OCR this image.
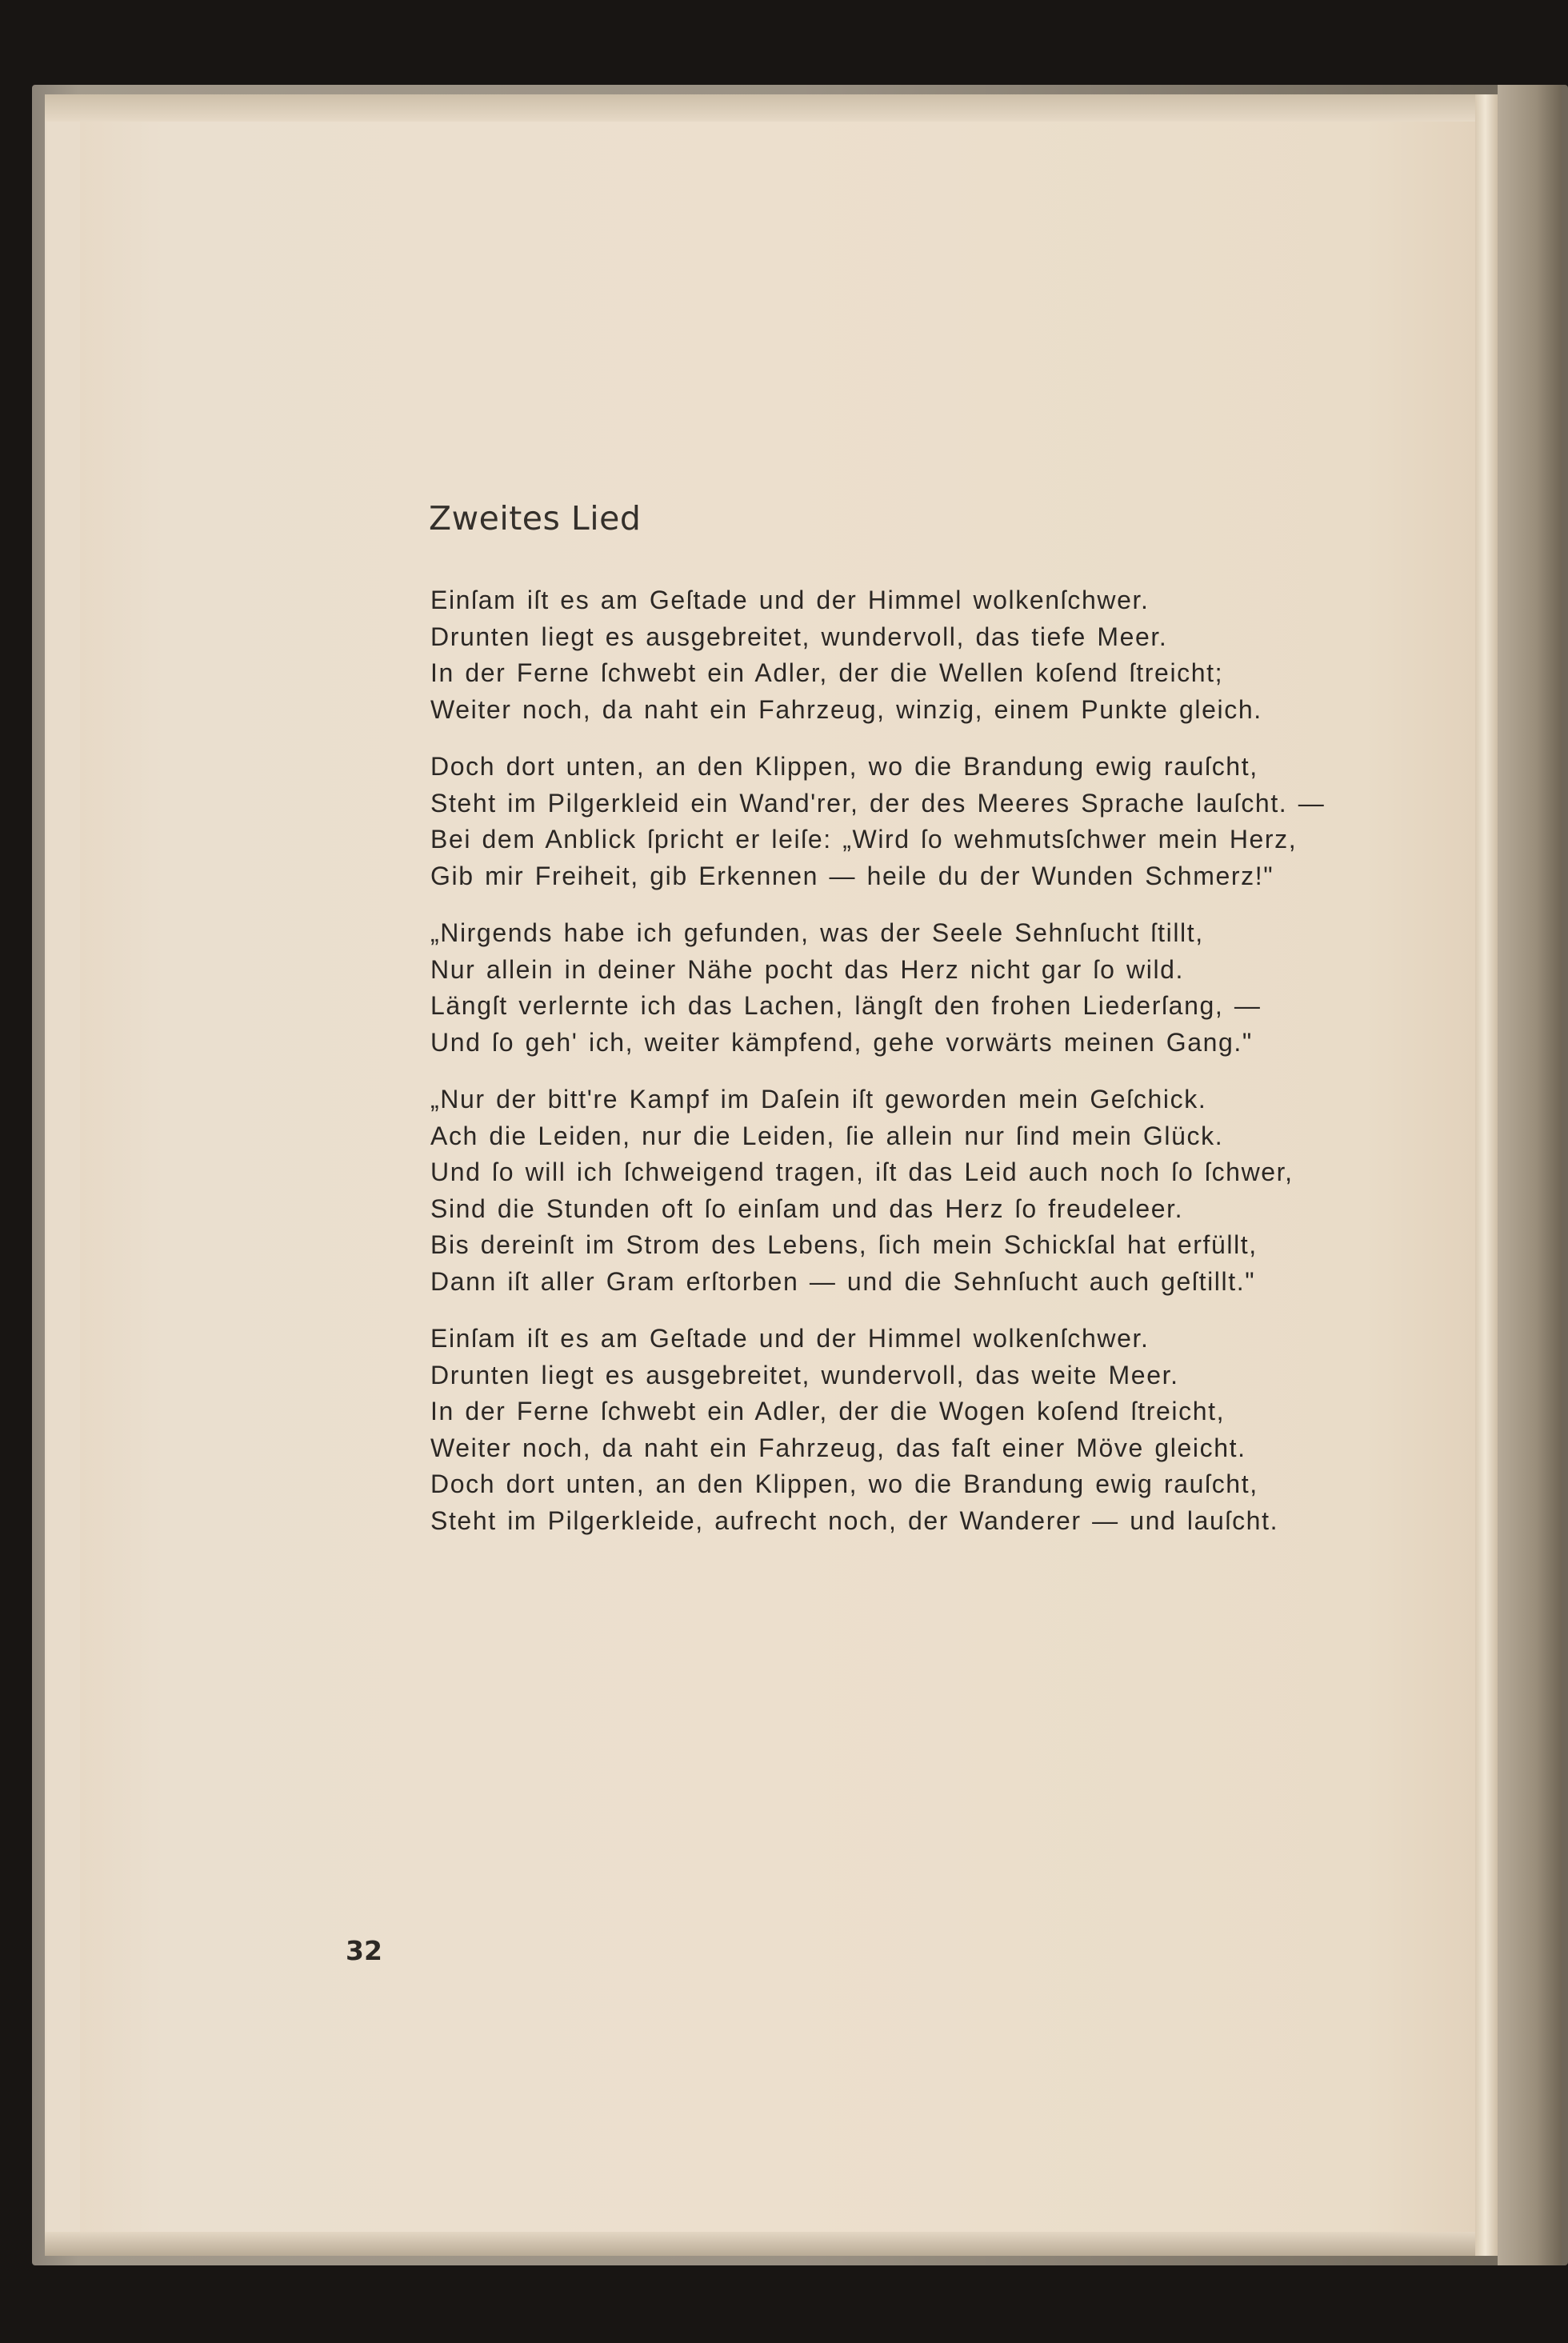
Zweites Lied
Einſam iſt es am Geſtade und der Himmel wolkenſchwer.
Drunten liegt es ausgebreitet, wundervoll, das tiefe Meer.
In der Ferne ſchwebt ein Adler, der die Wellen koſend ſtreicht;
Weiter noch, da naht ein Fahrzeug, winzig, einem Punkte gleich.
Doch dort unten, an den Klippen, wo die Brandung ewig rauſcht,
Steht im Pilgerkleid ein Wand'rer, der des Meeres Sprache lauſcht. —
Bei dem Anblick ſpricht er leiſe: „Wird ſo wehmutsſchwer mein Herz,
Gib mir Freiheit, gib Erkennen — heile du der Wunden Schmerz!"
„Nirgends habe ich gefunden, was der Seele Sehnſucht ſtillt,
Nur allein in deiner Nähe pocht das Herz nicht gar ſo wild.
Längſt verlernte ich das Lachen, längſt den frohen Liederſang, —
Und ſo geh' ich, weiter kämpfend, gehe vorwärts meinen Gang."
„Nur der bitt're Kampf im Daſein iſt geworden mein Geſchick.
Ach die Leiden, nur die Leiden, ſie allein nur ſind mein Glück.
Und ſo will ich ſchweigend tragen, iſt das Leid auch noch ſo ſchwer,
Sind die Stunden oft ſo einſam und das Herz ſo freudeleer.
Bis dereinſt im Strom des Lebens, ſich mein Schickſal hat erfüllt,
Dann iſt aller Gram erſtorben — und die Sehnſucht auch geſtillt."
Einſam iſt es am Geſtade und der Himmel wolkenſchwer.
Drunten liegt es ausgebreitet, wundervoll, das weite Meer.
In der Ferne ſchwebt ein Adler, der die Wogen koſend ſtreicht,
Weiter noch, da naht ein Fahrzeug, das faſt einer Möve gleicht.
Doch dort unten, an den Klippen, wo die Brandung ewig rauſcht,
Steht im Pilgerkleide, aufrecht noch, der Wanderer — und lauſcht.
32
